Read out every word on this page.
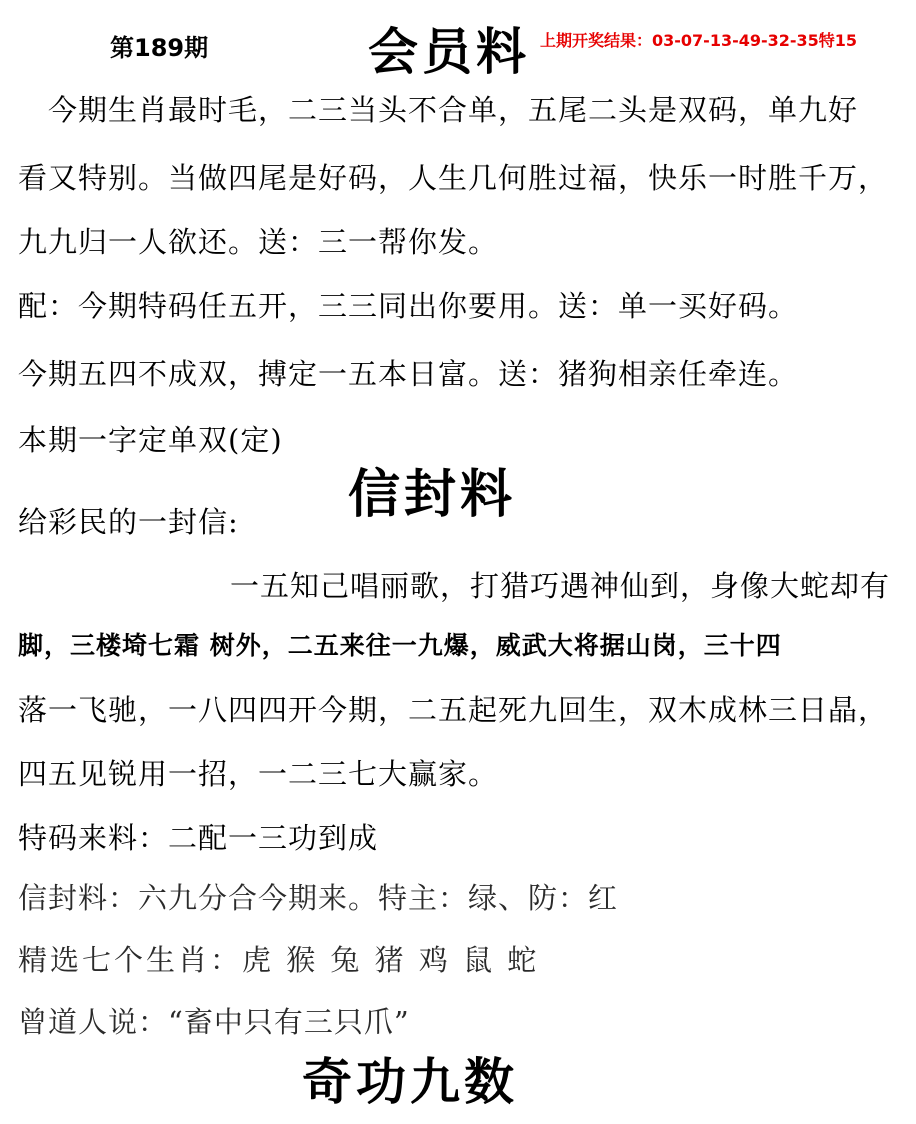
第189期	会员料 上期开奖结果：03-07-13-49-32-35特15
今期生肖最时毛，二三当头不合单，五尾二头是双码，单九好
看又特别。当做四尾是好码，人生几何胜过福，快乐一时胜千万，
九九归一人欲还。送：三一帮你发。
配：今期特码任五开，三三同出你要用。送：单一买好码。
今期五四不成双，搏定一五本日富。送：猪狗相亲任牵连。
本期一字定单双(定)
信封料
给彩民的一封信:
一五知己唱丽歌，打猎巧遇神仙到，身像大蛇却有
脚，三楼埼七霜 树外，二五来往一九爆，威武大将据山岗，三十四
落一飞驰，一八四四开今期，二五起死九回生，双木成林三日晶，
四五见锐用一招，一二三七大赢家。
特码来料：二配一三功到成
信封料：六九分合今期来。特主：绿、防：红
精选七个生肖：虎 猴 兔 猪 鸡 鼠 蛇
曾道人说：“畜中只有三只爪”
奇功九数
